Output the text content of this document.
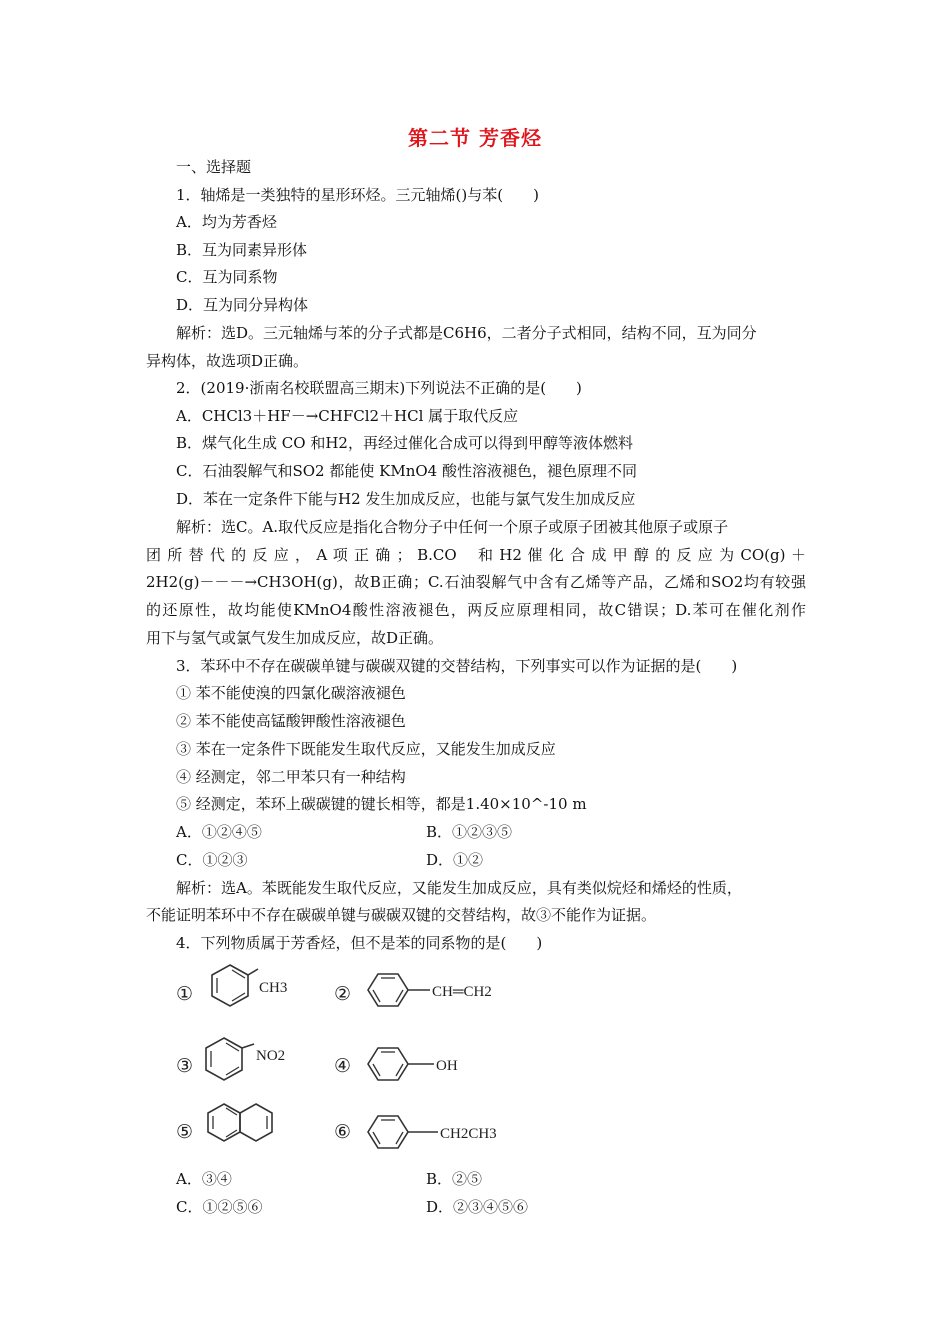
第二节 芳香烃
一、选择题
1．轴烯是一类独特的星形环烃。三元轴烯()与苯(　　)
A．均为芳香烃
B．互为同素异形体
C．互为同系物
D．互为同分异构体
解析：选D。三元轴烯与苯的分子式都是C6H6，二者分子式相同，结构不同，互为同分
异构体，故选项D正确。
2．(2019·浙南名校联盟高三期末)下列说法不正确的是(　　)
A．CHCl3＋HF－→CHFCl2＋HCl 属于取代反应
B．煤气化生成 CO 和H2，再经过催化合成可以得到甲醇等液体燃料
C．石油裂解气和SO2 都能使 KMnO4 酸性溶液褪色，褪色原理不同
D．苯在一定条件下能与H2 发生加成反应，也能与氯气发生加成反应
解析：选C。A.取代反应是指化合物分子中任何一个原子或原子团被其他原子或原子
团 所 替 代 的 反 应 ， A 项 正 确 ； B.CO 　和 H2 催 化 合 成 甲 醇 的 反 应 为 CO(g) ＋
2H2(g)－－－→CH3OH(g)，故B正确；C.石油裂解气中含有乙烯等产品，乙烯和SO2均有较强
的还原性，故均能使KMnO4酸性溶液褪色，两反应原理相同，故C错误；D.苯可在催化剂作
用下与氢气或氯气发生加成反应，故D正确。
3．苯环中不存在碳碳单键与碳碳双键的交替结构，下列事实可以作为证据的是(　　)
① 苯不能使溴的四氯化碳溶液褪色
② 苯不能使高锰酸钾酸性溶液褪色
③ 苯在一定条件下既能发生取代反应，又能发生加成反应
④ 经测定，邻二甲苯只有一种结构
⑤ 经测定，苯环上碳碳键的键长相等，都是1.40×10^-10 m
A．①②④⑤	B．①②③⑤
C．①②③	D．①②
解析：选A。苯既能发生取代反应，又能发生加成反应，具有类似烷烃和烯烃的性质，
不能证明苯环中不存在碳碳单键与碳碳双键的交替结构，故③不能作为证据。
4．下列物质属于芳香烃，但不是苯的同系物的是(　　)
①	CH3 ②	CH═CH2
③	NO2	④	OH
⑤	⑥	CH2CH3
A．③④	B．②⑤
C．①②⑤⑥	D．②③④⑤⑥
